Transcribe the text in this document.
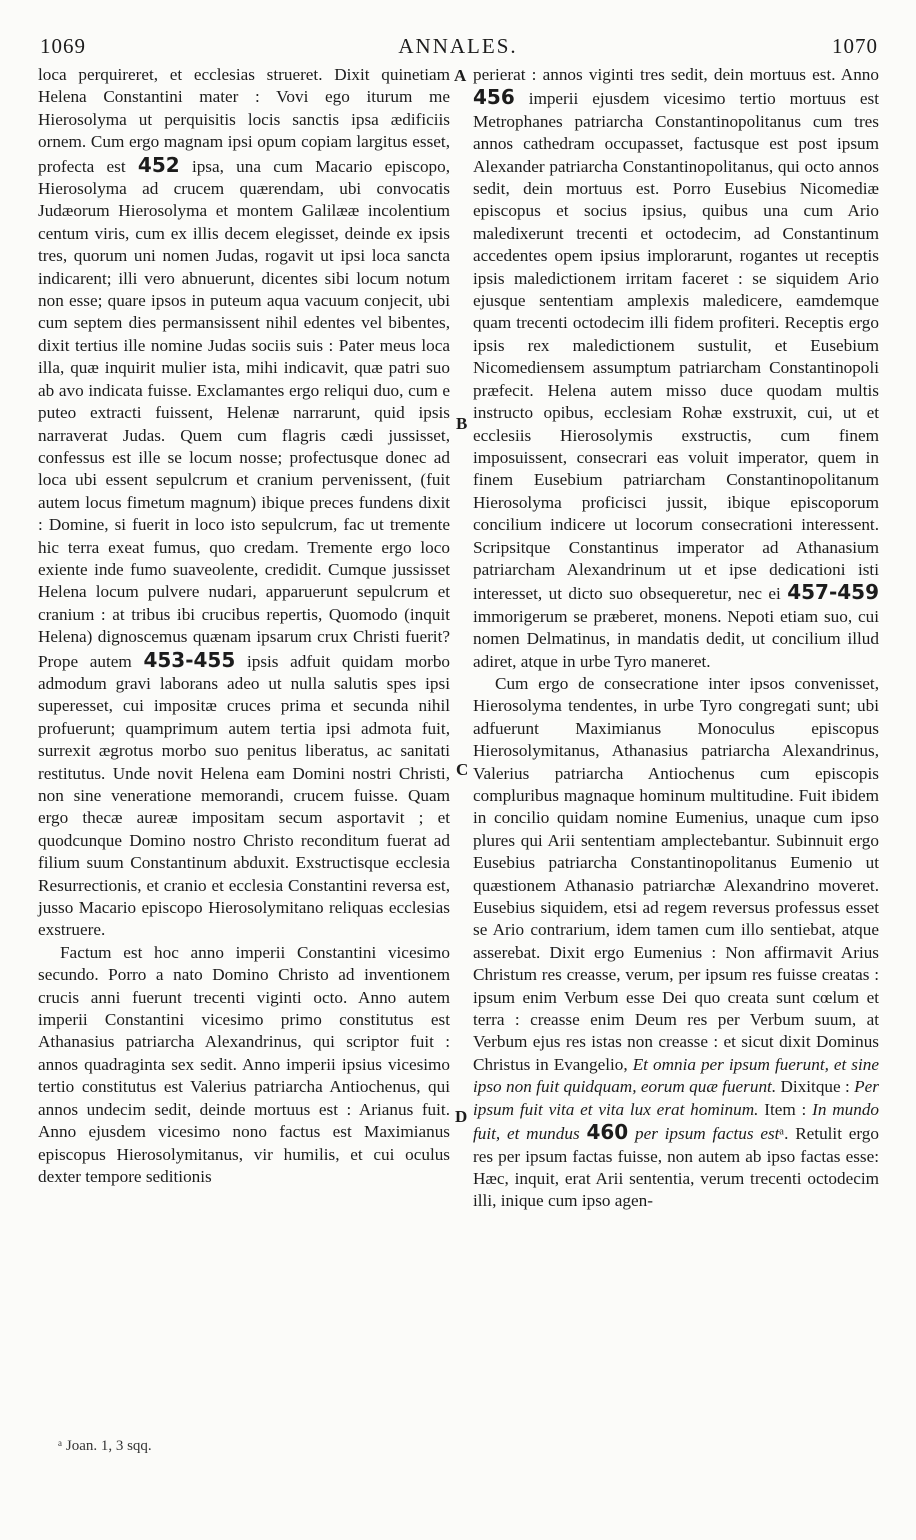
1069	ANNALES.	1070

loca perquireret, et ecclesias strueret. Dixit quinetiam Helena Constantini mater : Vovi ego iturum me Hierosolyma ut perquisitis locis sanctis ipsa ædificiis ornem. Cum ergo magnam ipsi opum copiam largitus esset, profecta est 452 ipsa, una cum Macario episcopo, Hierosolyma ad crucem quærendam, ubi convocatis Judæorum Hierosolyma et montem Galilææ incolentium centum viris, cum ex illis decem elegisset, deinde ex ipsis tres, quorum uni nomen Judas, rogavit ut ipsi loca sancta indicarent; illi vero abnuerunt, dicentes sibi locum notum non esse; quare ipsos in puteum aqua vacuum conjecit, ubi cum septem dies permansissent nihil edentes vel bibentes, dixit tertius ille nomine Judas sociis suis : Pater meus loca illa, quæ inquirit mulier ista, mihi indicavit, quæ patri suo ab avo indicata fuisse. Exclamantes ergo reliqui duo, cum e puteo extracti fuissent, Helenæ narrarunt, quid ipsis narraverat Judas. Quem cum flagris cædi jussisset, confessus est ille se locum nosse; profectusque donec ad loca ubi essent sepulcrum et cranium pervenissent, (fuit autem locus fimetum magnum) ibique preces fundens dixit : Domine, si fuerit in loco isto sepulcrum, fac ut tremente hic terra exeat fumus, quo credam. Tremente ergo loco exiente inde fumo suaveolente, credidit. Cumque jussisset Helena locum pulvere nudari, apparuerunt sepulcrum et cranium : at tribus ibi crucibus repertis, Quomodo (inquit Helena) dignoscemus quænam ipsarum crux Christi fuerit? Prope autem 453-455 ipsis adfuit quidam morbo admodum gravi laborans adeo ut nulla salutis spes ipsi superesset, cui impositæ cruces prima et secunda nihil profuerunt; quamprimum autem tertia ipsi admota fuit, surrexit ægrotus morbo suo penitus liberatus, ac sanitati restitutus. Unde novit Helena eam Domini nostri Christi, non sine veneratione memorandi, crucem fuisse. Quam ergo thecæ aureæ impositam secum asportavit ; et quodcunque Domino nostro Christo reconditum fuerat ad filium suum Constantinum abduxit. Exstructisque ecclesia Resurrectionis, et cranio et ecclesia Constantini reversa est, jusso Macario episcopo Hierosolymitano reliquas ecclesias exstruere.

Factum est hoc anno imperii Constantini vicesimo secundo. Porro a nato Domino Christo ad inventionem crucis anni fuerunt trecenti viginti octo. Anno autem imperii Constantini vicesimo primo constitutus est Athanasius patriarcha Alexandrinus, qui scriptor fuit : annos quadraginta sex sedit. Anno imperii ipsius vicesimo tertio constitutus est Valerius patriarcha Antiochenus, qui annos undecim sedit, deinde mortuus est : Arianus fuit. Anno ejusdem vicesimo nono factus est Maximianus episcopus Hierosolymitanus, vir humilis, et cui oculus dexter tempore seditionis

A
B
C
D

perierat : annos viginti tres sedit, dein mortuus est. Anno 456 imperii ejusdem vicesimo tertio mortuus est Metrophanes patriarcha Constantinopolitanus cum tres annos cathedram occupasset, factusque est post ipsum Alexander patriarcha Constantinopolitanus, qui octo annos sedit, dein mortuus est. Porro Eusebius Nicomediæ episcopus et socius ipsius, quibus una cum Ario maledixerunt trecenti et octodecim, ad Constantinum accedentes opem ipsius implorarunt, rogantes ut receptis ipsis maledictionem irritam faceret : se siquidem Ario ejusque sententiam amplexis maledicere, eamdemque quam trecenti octodecim illi fidem profiteri. Receptis ergo ipsis rex maledictionem sustulit, et Eusebium Nicomediensem assumptum patriarcham Constantinopoli præfecit. Helena autem misso duce quodam multis instructo opibus, ecclesiam Rohæ exstruxit, cui, ut et ecclesiis Hierosolymis exstructis, cum finem imposuissent, consecrari eas voluit imperator, quem in finem Eusebium patriarcham Constantinopolitanum Hierosolyma proficisci jussit, ibique episcoporum concilium indicere ut locorum consecrationi interessent. Scripsitque Constantinus imperator ad Athanasium patriarcham Alexandrinum ut et ipse dedicationi isti interesset, ut dicto suo obsequeretur, nec ei 457-459 immorigerum se præberet, monens. Nepoti etiam suo, cui nomen Delmatinus, in mandatis dedit, ut concilium illud adiret, atque in urbe Tyro maneret.

Cum ergo de consecratione inter ipsos convenisset, Hierosolyma tendentes, in urbe Tyro congregati sunt; ubi adfuerunt Maximianus Monoculus episcopus Hierosolymitanus, Athanasius patriarcha Alexandrinus, Valerius patriarcha Antiochenus cum episcopis compluribus magnaque hominum multitudine. Fuit ibidem in concilio quidam nomine Eumenius, unaque cum ipso plures qui Arii sententiam amplectebantur. Subinnuit ergo Eusebius patriarcha Constantinopolitanus Eumenio ut quæstionem Athanasio patriarchæ Alexandrino moveret. Eusebius siquidem, etsi ad regem reversus professus esset se Ario contrarium, idem tamen cum illo sentiebat, atque asserebat. Dixit ergo Eumenius : Non affirmavit Arius Christum res creasse, verum, per ipsum res fuisse creatas : ipsum enim Verbum esse Dei quo creata sunt cœlum et terra : creasse enim Deum res per Verbum suum, at Verbum ejus res istas non creasse : et sicut dixit Dominus Christus in Evangelio, Et omnia per ipsum fuerunt, et sine ipso non fuit quidquam, eorum quæ fuerunt. Dixitque : Per ipsum fuit vita et vita lux erat hominum. Item : In mundo fuit, et mundus 460 per ipsum factus estᵃ. Retulit ergo res per ipsum factas fuisse, non autem ab ipso factas esse: Hæc, inquit, erat Arii sententia, verum trecenti octodecim illi, inique cum ipso agen-

ᵃ Joan. 1, 3 sqq.
